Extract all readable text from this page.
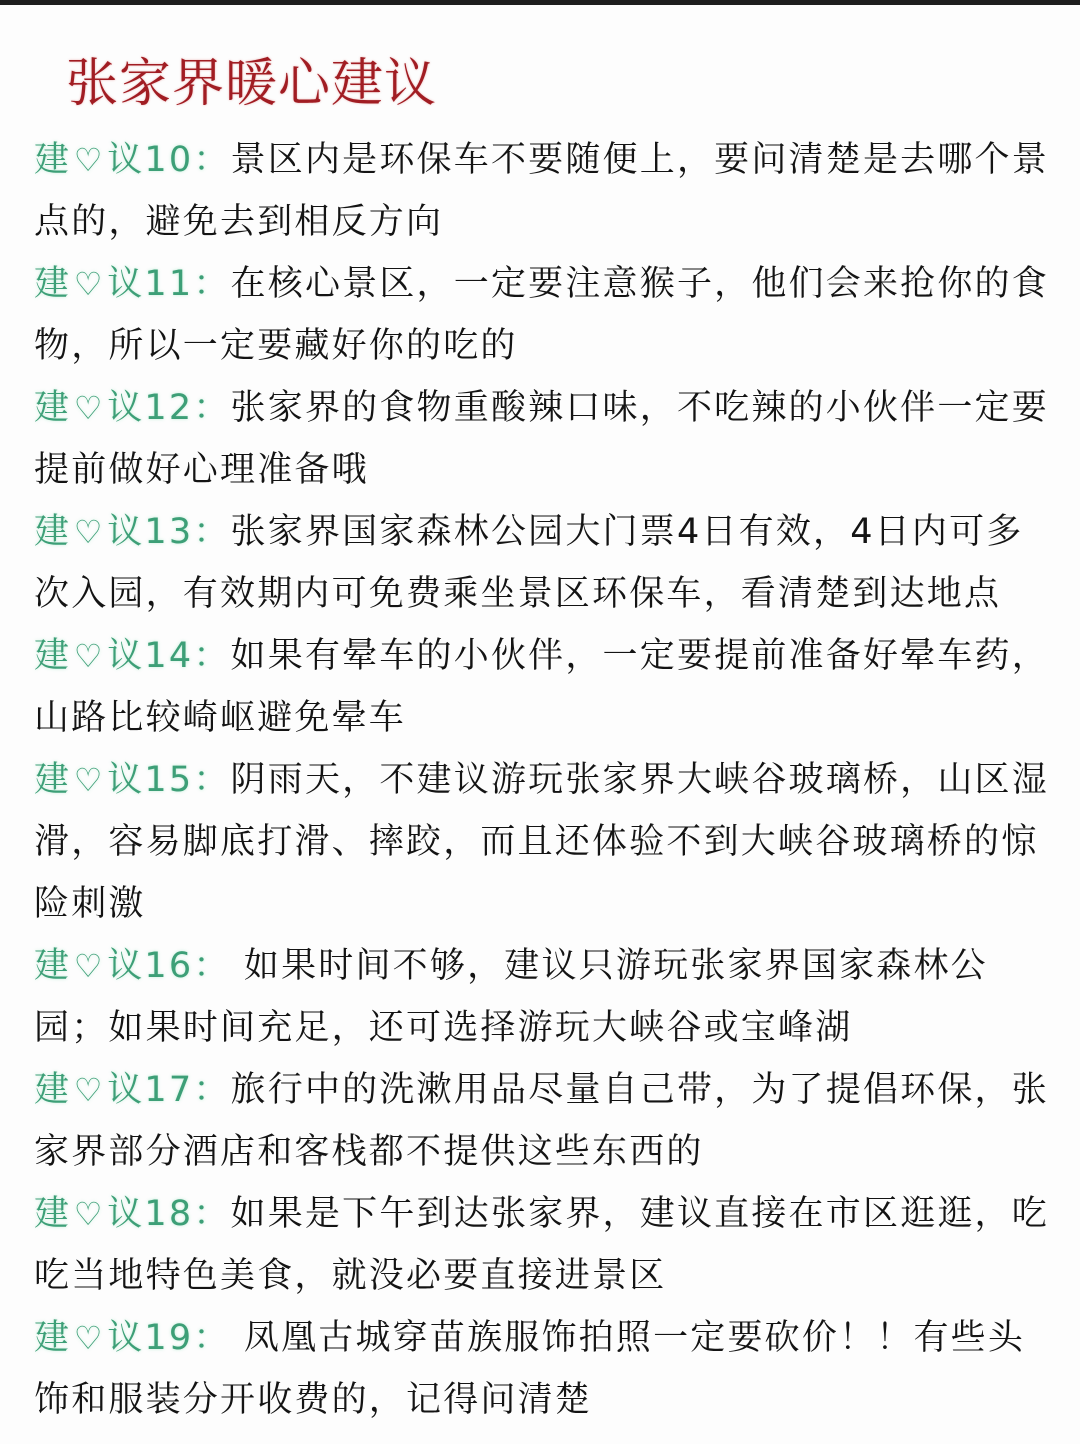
张家界暖心建议
建♡议10：景区内是环保车不要随便上，要问清楚是去哪个景点的，避免去到相反方向
建♡议11：在核心景区，一定要注意猴子，他们会来抢你的食物，所以一定要藏好你的吃的
建♡议12：张家界的食物重酸辣口味，不吃辣的小伙伴一定要提前做好心理准备哦
建♡议13：张家界国家森林公园大门票4日有效，4日内可多次入园，有效期内可免费乘坐景区环保车，看清楚到达地点
建♡议14：如果有晕车的小伙伴，一定要提前准备好晕车药，山路比较崎岖避免晕车
建♡议15：阴雨天，不建议游玩张家界大峡谷玻璃桥，山区湿滑，容易脚底打滑、摔跤，而且还体验不到大峡谷玻璃桥的惊险刺激
建♡议16： 如果时间不够，建议只游玩张家界国家森林公园；如果时间充足，还可选择游玩大峡谷或宝峰湖
建♡议17：旅行中的洗漱用品尽量自己带，为了提倡环保，张家界部分酒店和客栈都不提供这些东西的
建♡议18：如果是下午到达张家界，建议直接在市区逛逛，吃吃当地特色美食，就没必要直接进景区
建♡议19： 凤凰古城穿苗族服饰拍照一定要砍价！！有些头饰和服装分开收费的，记得问清楚
